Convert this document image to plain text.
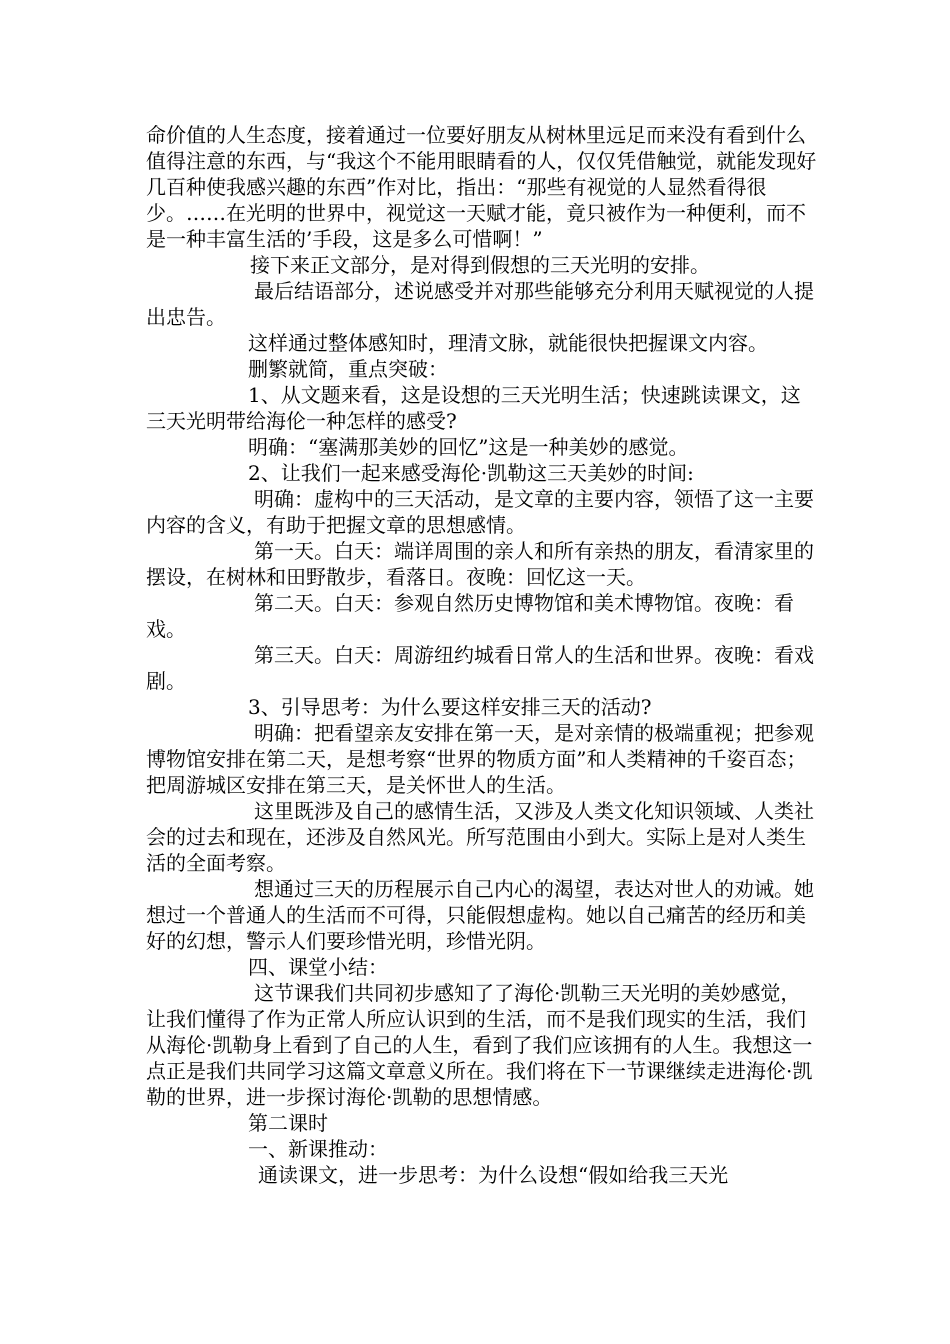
命价值的人生态度，接着通过一位要好朋友从树林里远足而来没有看到什么值得注意的东西，与“我这个不能用眼睛看的人，仅仅凭借触觉，就能发现好几百种使我感兴趣的东西”作对比，指出：“那些有视觉的人显然看得很少。……在光明的世界中，视觉这一天赋才能，竟只被作为一种便利，而不是一种丰富生活的’手段，这是多么可惜啊！”

接下来正文部分，是对得到假想的三天光明的安排。

最后结语部分，述说感受并对那些能够充分利用天赋视觉的人提出忠告。

这样通过整体感知时，理清文脉，就能很快把握课文内容。

删繁就简，重点突破：

1、从文题来看，这是设想的三天光明生活；快速跳读课文，这三天光明带给海伦一种怎样的感受?

明确：“塞满那美妙的回忆”这是一种美妙的感觉。

2、让我们一起来感受海伦·凯勒这三天美妙的时间:

明确：虚构中的三天活动，是文章的主要内容，领悟了这一主要内容的含义，有助于把握文章的思想感情。

第一天。白天：端详周围的亲人和所有亲热的朋友，看清家里的摆设，在树林和田野散步，看落日。夜晚：回忆这一天。

第二天。白天：参观自然历史博物馆和美术博物馆。夜晚：看戏。

第三天。白天：周游纽约城看日常人的生活和世界。夜晚：看戏剧。

3、引导思考：为什么要这样安排三天的活动?

明确：把看望亲友安排在第一天，是对亲情的极端重视；把参观博物馆安排在第二天，是想考察“世界的物质方面”和人类精神的千姿百态；把周游城区安排在第三天，是关怀世人的生活。

这里既涉及自己的感情生活，又涉及人类文化知识领域、人类社会的过去和现在，还涉及自然风光。所写范围由小到大。实际上是对人类生活的全面考察。

想通过三天的历程展示自己内心的渴望，表达对世人的劝诫。她想过一个普通人的生活而不可得，只能假想虚构。她以自己痛苦的经历和美好的幻想，警示人们要珍惜光明，珍惜光阴。

四、课堂小结：

这节课我们共同初步感知了了海伦·凯勒三天光明的美妙感觉，让我们懂得了作为正常人所应认识到的生活，而不是我们现实的生活，我们从海伦·凯勒身上看到了自己的人生，看到了我们应该拥有的人生。我想这一点正是我们共同学习这篇文章意义所在。我们将在下一节课继续走进海伦·凯勒的世界，进一步探讨海伦·凯勒的思想情感。

第二课时

一、新课推动：

通读课文，进一步思考：为什么设想“假如给我三天光
